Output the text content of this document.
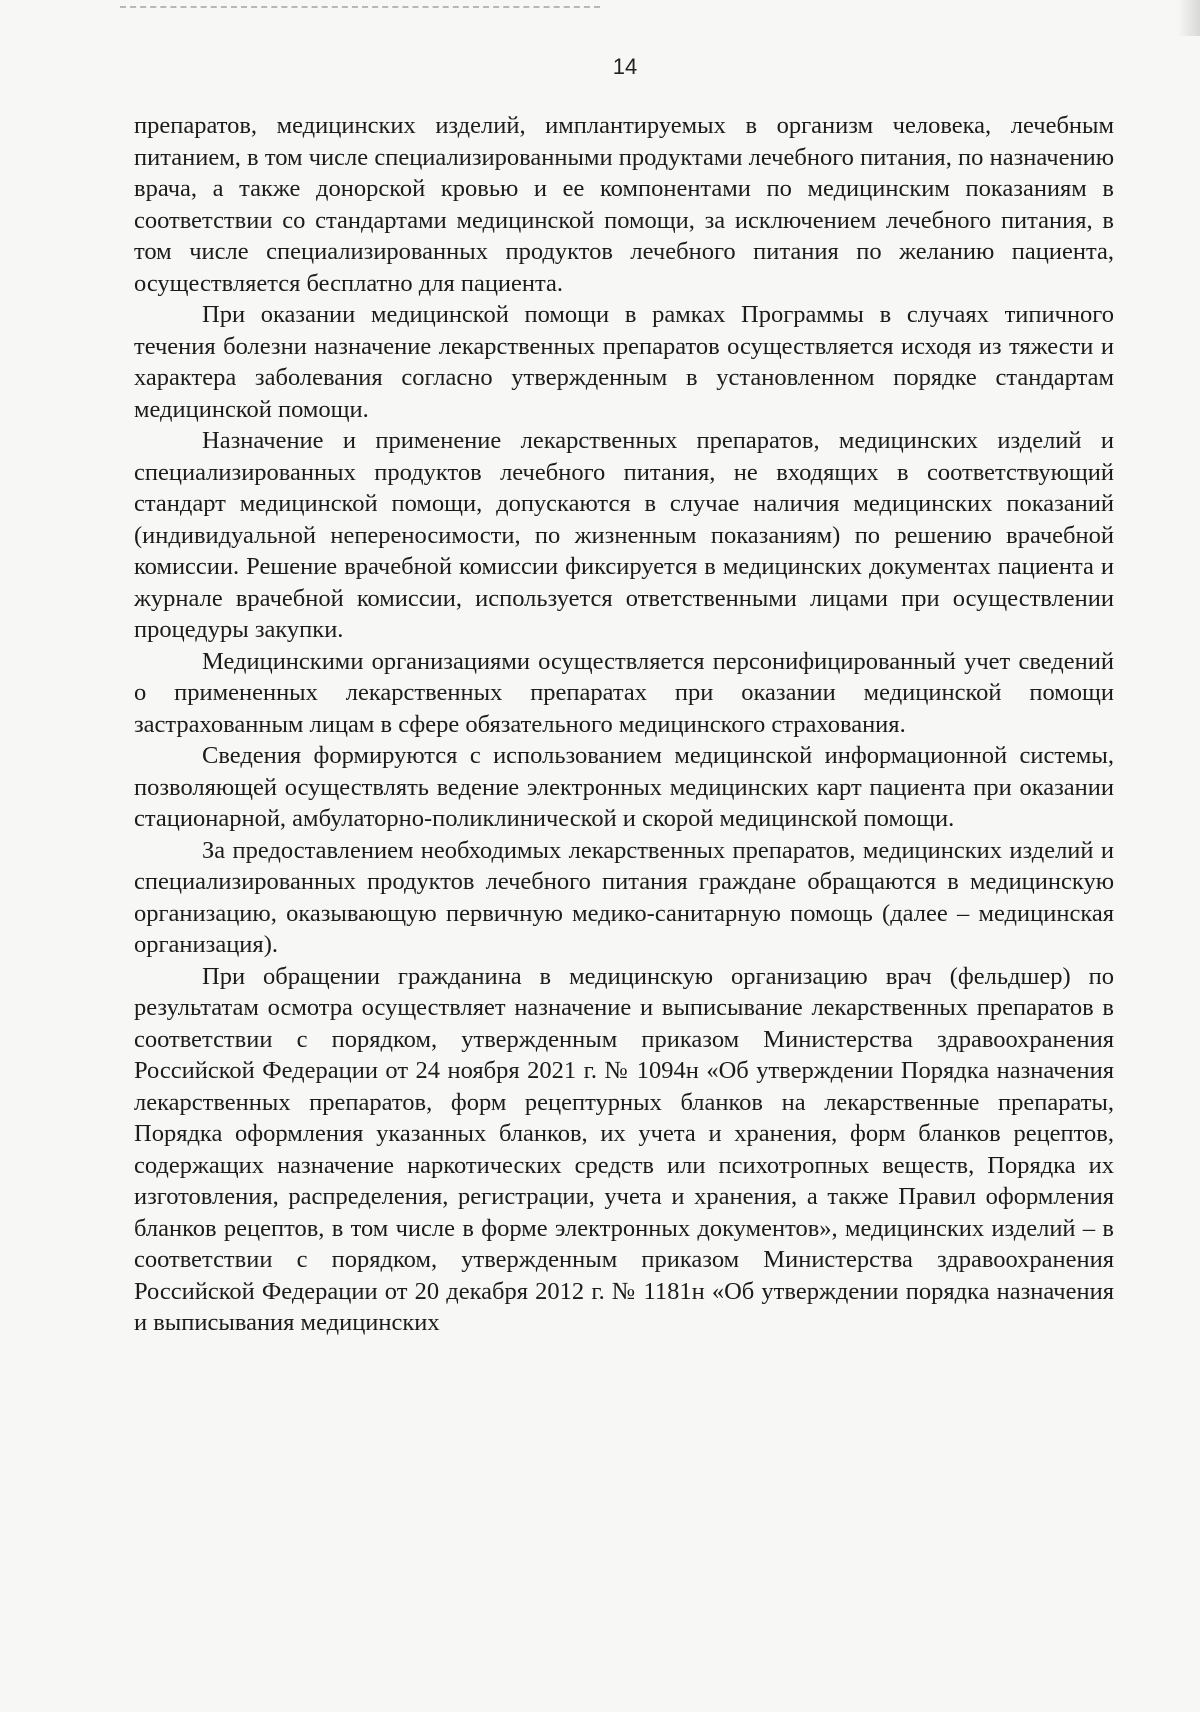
14

препаратов, медицинских изделий, имплантируемых в организм человека, лечебным питанием, в том числе специализированными продуктами лечебного питания, по назначению врача, а также донорской кровью и ее компонентами по медицинским показаниям в соответствии со стандартами медицинской помощи, за исключением лечебного питания, в том числе специализированных продуктов лечебного питания по желанию пациента, осуществляется бесплатно для пациента.

При оказании медицинской помощи в рамках Программы в случаях типичного течения болезни назначение лекарственных препаратов осуществляется исходя из тяжести и характера заболевания согласно утвержденным в установленном порядке стандартам медицинской помощи.

Назначение и применение лекарственных препаратов, медицинских изделий и специализированных продуктов лечебного питания, не входящих в соответствующий стандарт медицинской помощи, допускаются в случае наличия медицинских показаний (индивидуальной непереносимости, по жизненным показаниям) по решению врачебной комиссии. Решение врачебной комиссии фиксируется в медицинских документах пациента и журнале врачебной комиссии, используется ответственными лицами при осуществлении процедуры закупки.

Медицинскими организациями осуществляется персонифицированный учет сведений о примененных лекарственных препаратах при оказании медицинской помощи застрахованным лицам в сфере обязательного медицинского страхования.

Сведения формируются с использованием медицинской информационной системы, позволяющей осуществлять ведение электронных медицинских карт пациента при оказании стационарной, амбулаторно-поликлинической и скорой медицинской помощи.

За предоставлением необходимых лекарственных препаратов, медицинских изделий и специализированных продуктов лечебного питания граждане обращаются в медицинскую организацию, оказывающую первичную медико-санитарную помощь (далее – медицинская организация).

При обращении гражданина в медицинскую организацию врач (фельдшер) по результатам осмотра осуществляет назначение и выписывание лекарственных препаратов в соответствии с порядком, утвержденным приказом Министерства здравоохранения Российской Федерации от 24 ноября 2021 г. № 1094н «Об утверждении Порядка назначения лекарственных препаратов, форм рецептурных бланков на лекарственные препараты, Порядка оформления указанных бланков, их учета и хранения, форм бланков рецептов, содержащих назначение наркотических средств или психотропных веществ, Порядка их изготовления, распределения, регистрации, учета и хранения, а также Правил оформления бланков рецептов, в том числе в форме электронных документов», медицинских изделий – в соответствии с порядком, утвержденным приказом Министерства здравоохранения Российской Федерации от 20 декабря 2012 г. № 1181н «Об утверждении порядка назначения и выписывания медицинских
